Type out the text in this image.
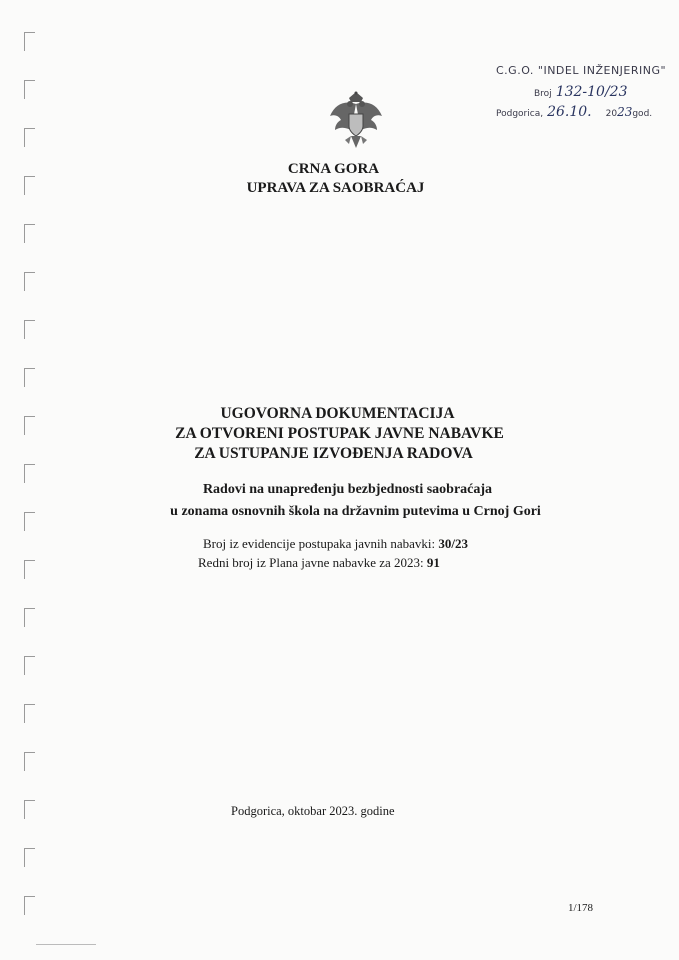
C.G.O. "INDEL INŽENJERING"
Broj 132-10/23
Podgorica, 26.10. 2023god.
CRNA GORA
UPRAVA ZA SAOBRAĆAJ
UGOVORNA DOKUMENTACIJA
ZA OTVORENI POSTUPAK JAVNE NABAVKE
ZA USTUPANJE IZVOĐENJA RADOVA
Radovi na unapređenju bezbjednosti saobraćaja
u zonama osnovnih škola na državnim putevima u Crnoj Gori
Broj iz evidencije postupaka javnih nabavki: 30/23
Redni broj iz Plana javne nabavke za 2023: 91
Podgorica, oktobar 2023. godine
1/178
